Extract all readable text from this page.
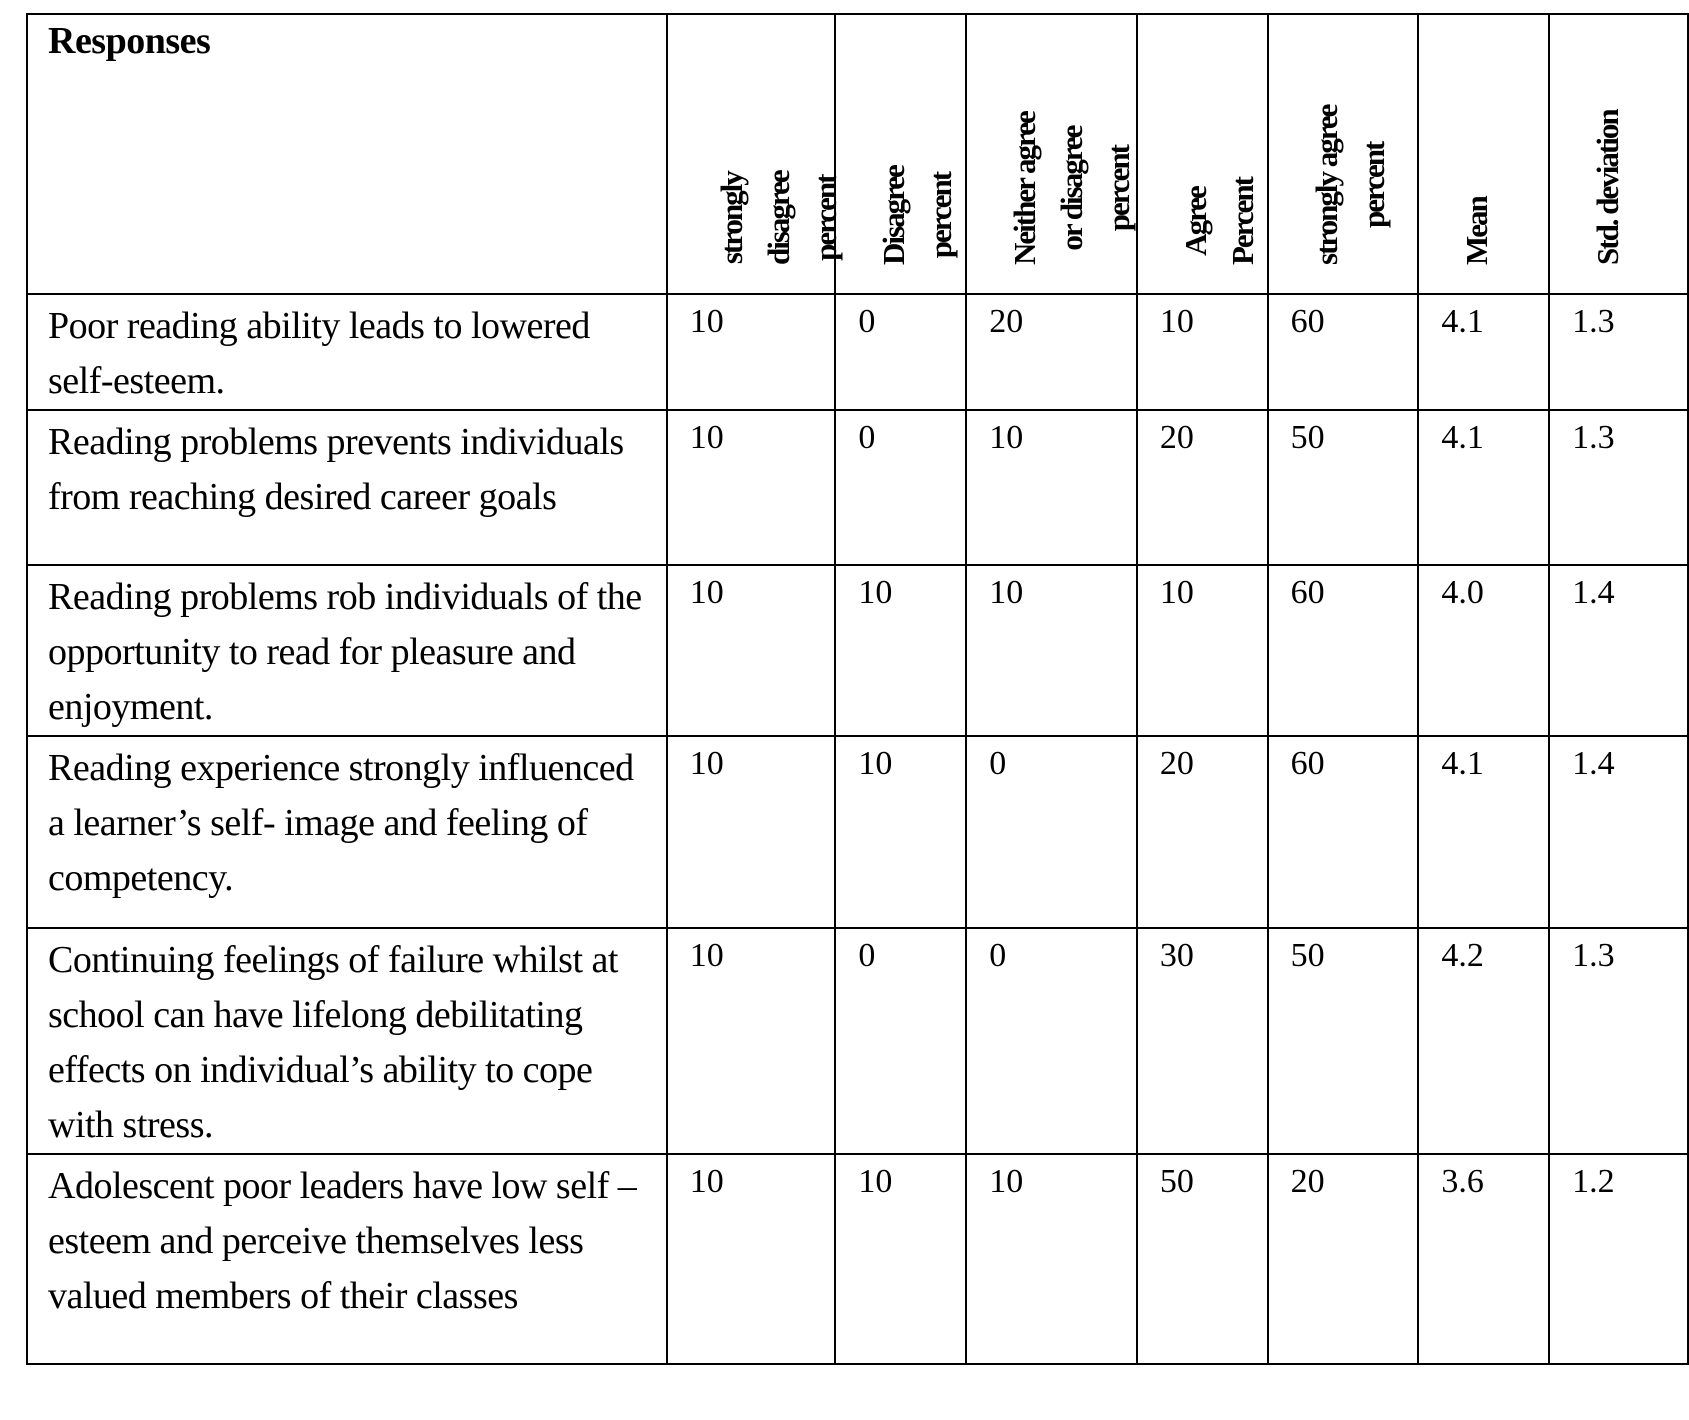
Responses	strongly disagree percent	Disagree percent	Neither agree or disagree percent	Agree Percent	strongly agree percent	Mean	Std. deviation

Poor reading ability leads to lowered self-esteem.	10	0	20	10	60	4.1	1.3
Reading problems prevents individuals from reaching desired career goals	10	0	10	20	50	4.1	1.3
Reading problems rob individuals of the opportunity to read for pleasure and enjoyment.	10	10	10	10	60	4.0	1.4
Reading experience strongly influenced a learner’s self- image and feeling of competency.	10	10	0	20	60	4.1	1.4
Continuing feelings of failure whilst at school can have lifelong debilitating effects on individual’s ability to cope with stress.	10	0	0	30	50	4.2	1.3
Adolescent poor leaders have low self –esteem and perceive themselves less valued members of their classes	10	10	10	50	20	3.6	1.2
